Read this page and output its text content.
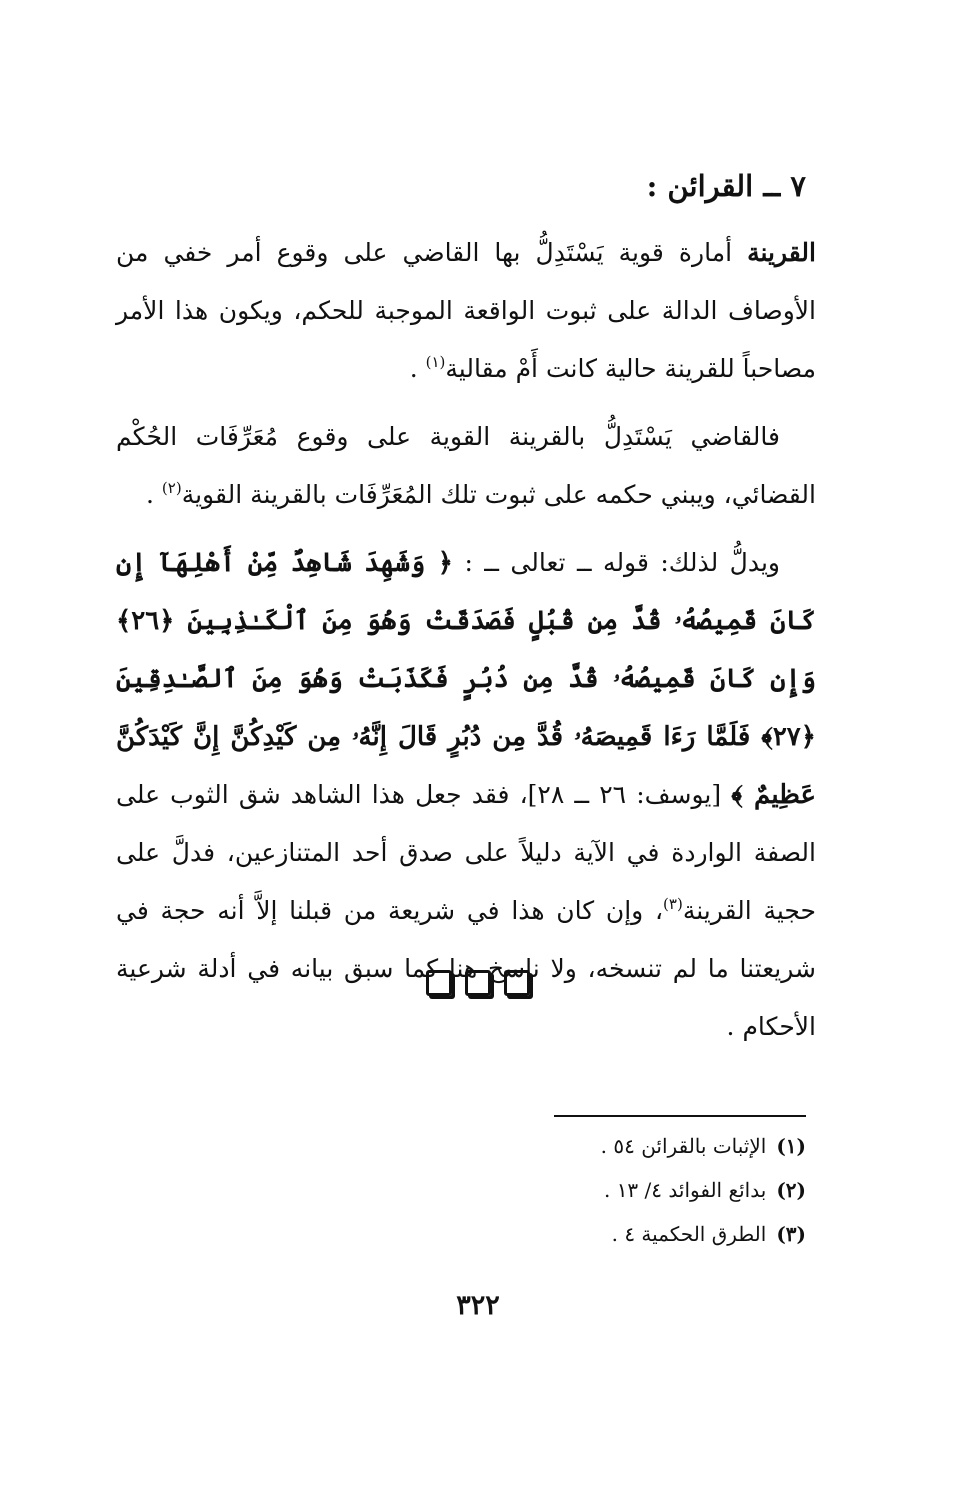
٧ ــ القرائن :

القرينة أمارة قوية يَسْتَدِلُّ بها القاضي على وقوع أمر خفي من الأوصاف الدالة على ثبوت الواقعة الموجبة للحكم، ويكون هذا الأمر مصاحباً للقرينة حالية كانت أَمْ مقالية$^{(١)}$ .

فالقاضي يَسْتَدِلُّ بالقرينة القوية على وقوع مُعَرِّفَات الحُكْم القضائي، ويبني حكمه على ثبوت تلك المُعَرِّفَات بالقرينة القوية$^{(٢)}$ .

ويدلُّ لذلك: قوله ــ تعالى ــ : ﴿ وَشَهِدَ شَاهِدٌ مِّنْ أَهْلِهَآ إِن كَانَ قَمِيصُهُۥ قُدَّ مِن قُبُلٍ فَصَدَقَتْ وَهُوَ مِنَ ٱلْكَـٰذِبِينَ ﴿٢٦﴾ وَإِن كَانَ قَمِيصُهُۥ قُدَّ مِن دُبُرٍ فَكَذَبَتْ وَهُوَ مِنَ ٱلصَّـٰدِقِينَ ﴿٢٧﴾ فَلَمَّا رَءَا قَمِيصَهُۥ قُدَّ مِن دُبُرٍ قَالَ إِنَّهُۥ مِن كَيْدِكُنَّ إِنَّ كَيْدَكُنَّ عَظِيمٌ ﴾ [يوسف: ٢٦ ــ ٢٨]، فقد جعل هذا الشاهد شق الثوب على الصفة الواردة في الآية دليلاً على صدق أحد المتنازعين، فدلَّ على حجية القرينة$^{(٣)}$، وإن كان هذا في شريعة من قبلنا إلاَّ أنه حجة في شريعتنا ما لم تنسخه، ولا ناسخ هنا كما سبق بيانه في أدلة شرعية الأحكام .

(١)الإثبات بالقرائن ٥٤ .
(٢)بدائع الفوائد ٤/ ١٣ .
(٣)الطرق الحكمية ٤ .
٣٢٢
